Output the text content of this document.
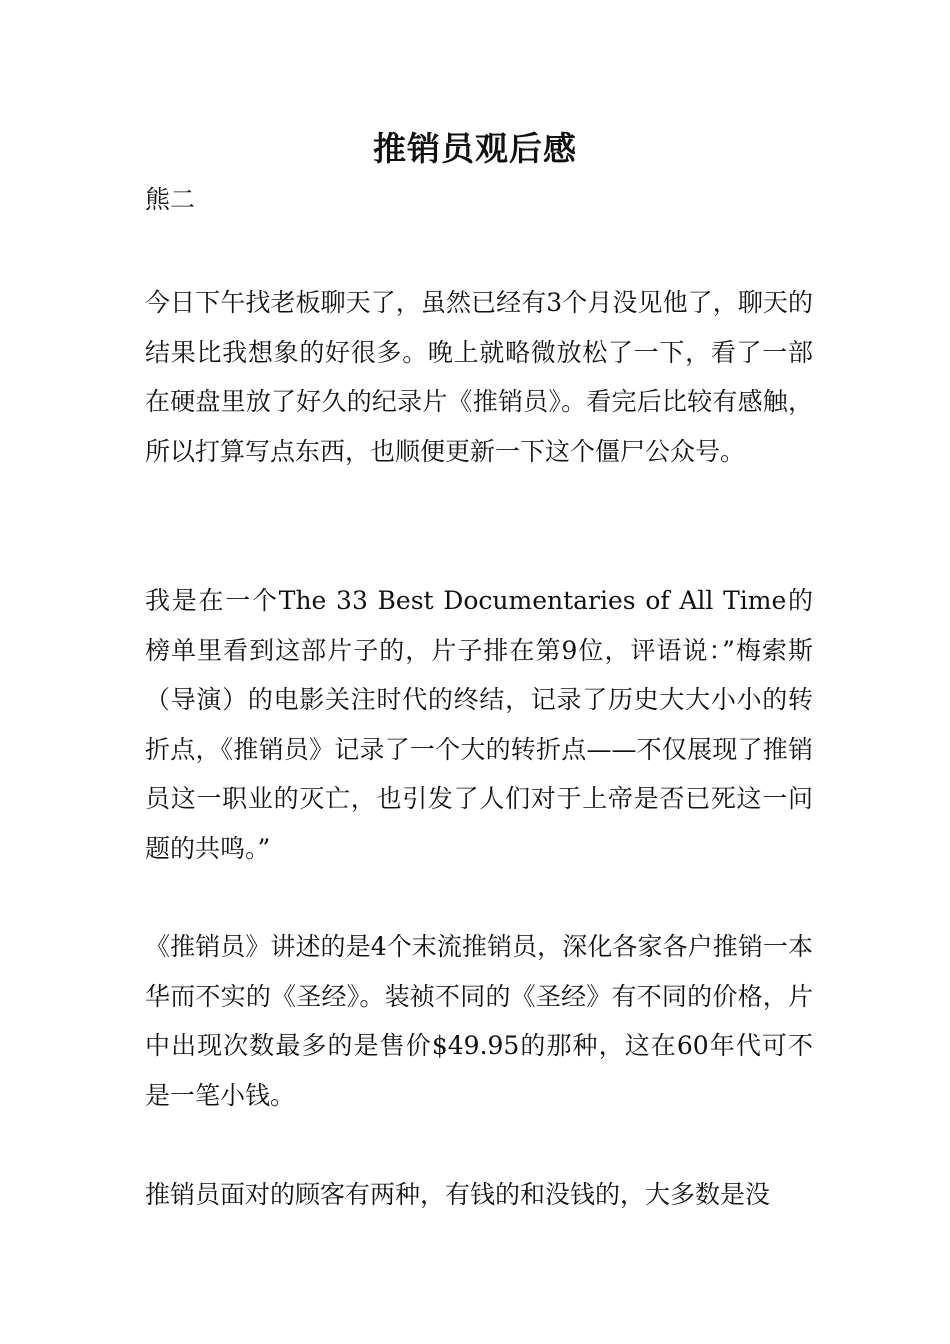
推销员观后感

熊二

今日下午找老板聊天了，虽然已经有3个月没见他了，聊天的结果比我想象的好很多。晚上就略微放松了一下，看了一部在硬盘里放了好久的纪录片《推销员》。看完后比较有感触，所以打算写点东西，也顺便更新一下这个僵尸公众号。

我是在一个The 33 Best Documentaries of All Time的榜单里看到这部片子的，片子排在第9位，评语说：”梅索斯（导演）的电影关注时代的终结，记录了历史大大小小的转折点，《推销员》记录了一个大的转折点——不仅展现了推销员这一职业的灭亡，也引发了人们对于上帝是否已死这一问题的共鸣。”

《推销员》讲述的是4个末流推销员，深化各家各户推销一本华而不实的《圣经》。装祯不同的《圣经》有不同的价格，片中出现次数最多的是售价$49.95的那种，这在60年代可不是一笔小钱。

推销员面对的顾客有两种，有钱的和没钱的，大多数是没
